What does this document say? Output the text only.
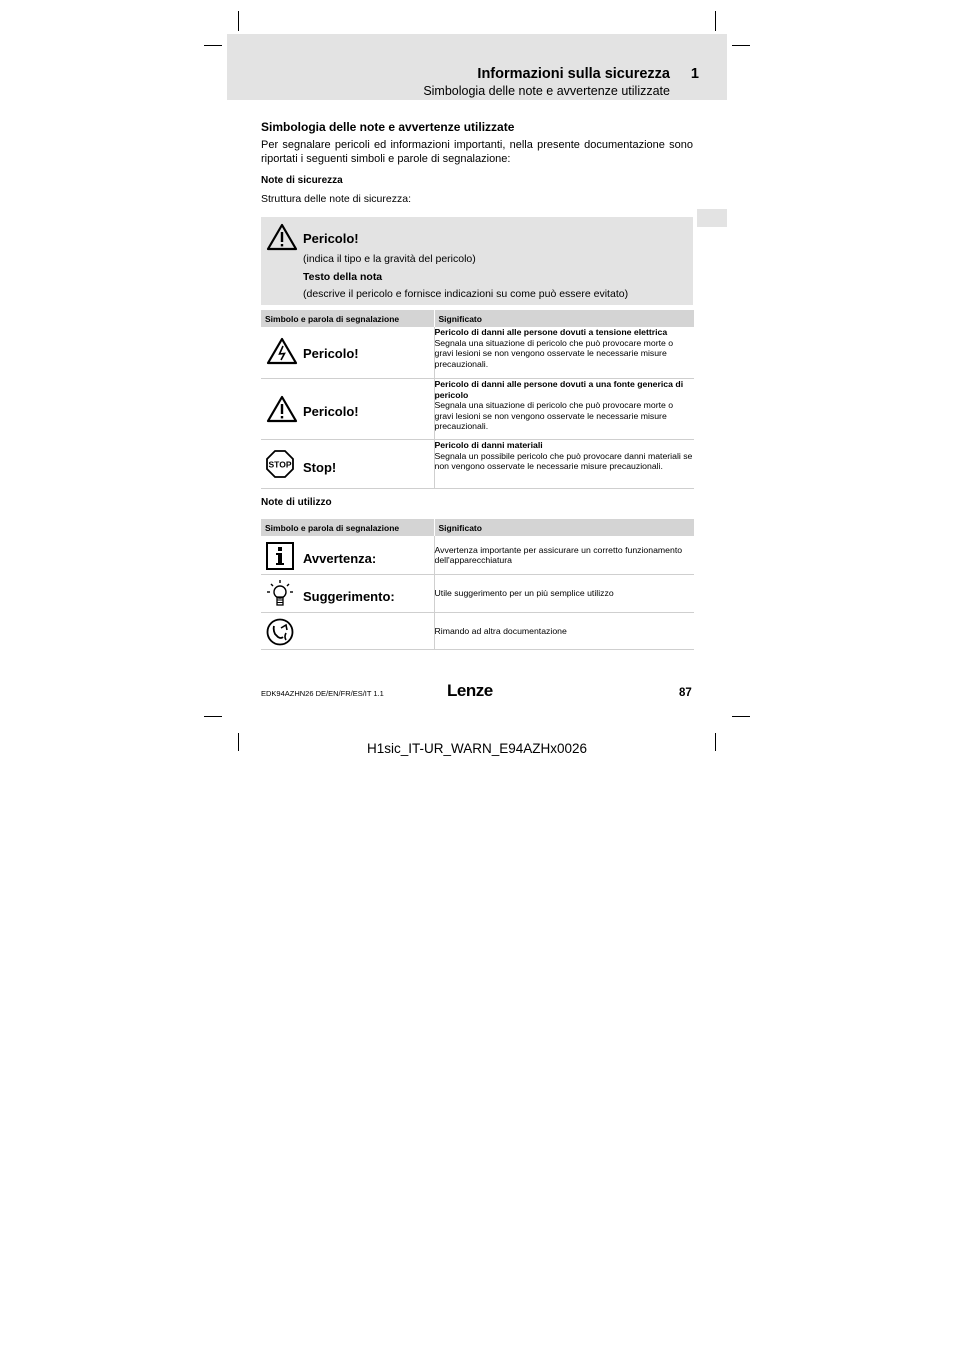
Informazioni sulla sicurezza 1
Simbologia delle note e avvertenze utilizzate
Simbologia delle note e avvertenze utilizzate
Per segnalare pericoli ed informazioni importanti, nella presente documentazione sono riportati i seguenti simboli e parole di segnalazione:
Note di sicurezza
Struttura delle note di sicurezza:
Pericolo!
(indica il tipo e la gravità del pericolo)
Testo della nota
(descrive il pericolo e fornisce indicazioni su come può essere evitato)
Simbolo e parola di segnalazione	Significato

Pericolo!	Pericolo di danni alle persone dovuti a tensione elettrica
Segnala una situazione di pericolo che può provocare morte o gravi lesioni se non vengono osservate le necessarie misure precauzionali.

Pericolo!	Pericolo di danni alle persone dovuti a una fonte generica di pericolo
Segnala una situazione di pericolo che può provocare morte o gravi lesioni se non vengono osservate le necessarie misure precauzionali.

STOP Stop!	Pericolo di danni materiali
Segnala un possibile pericolo che può provocare danni materiali se non vengono osservate le necessarie misure precauzionali.
Note di utilizzo
Simbolo e parola di segnalazione	Significato

Avvertenza:	Avvertenza importante per assicurare un corretto funzionamento dell'apparecchiatura

Suggerimento:	Utile suggerimento per un più semplice utilizzo

	Rimando ad altra documentazione
EDK94AZHN26 DE/EN/FR/ES/IT 1.1	Lenze	87
H1sic_IT-UR_WARN_E94AZHx0026
